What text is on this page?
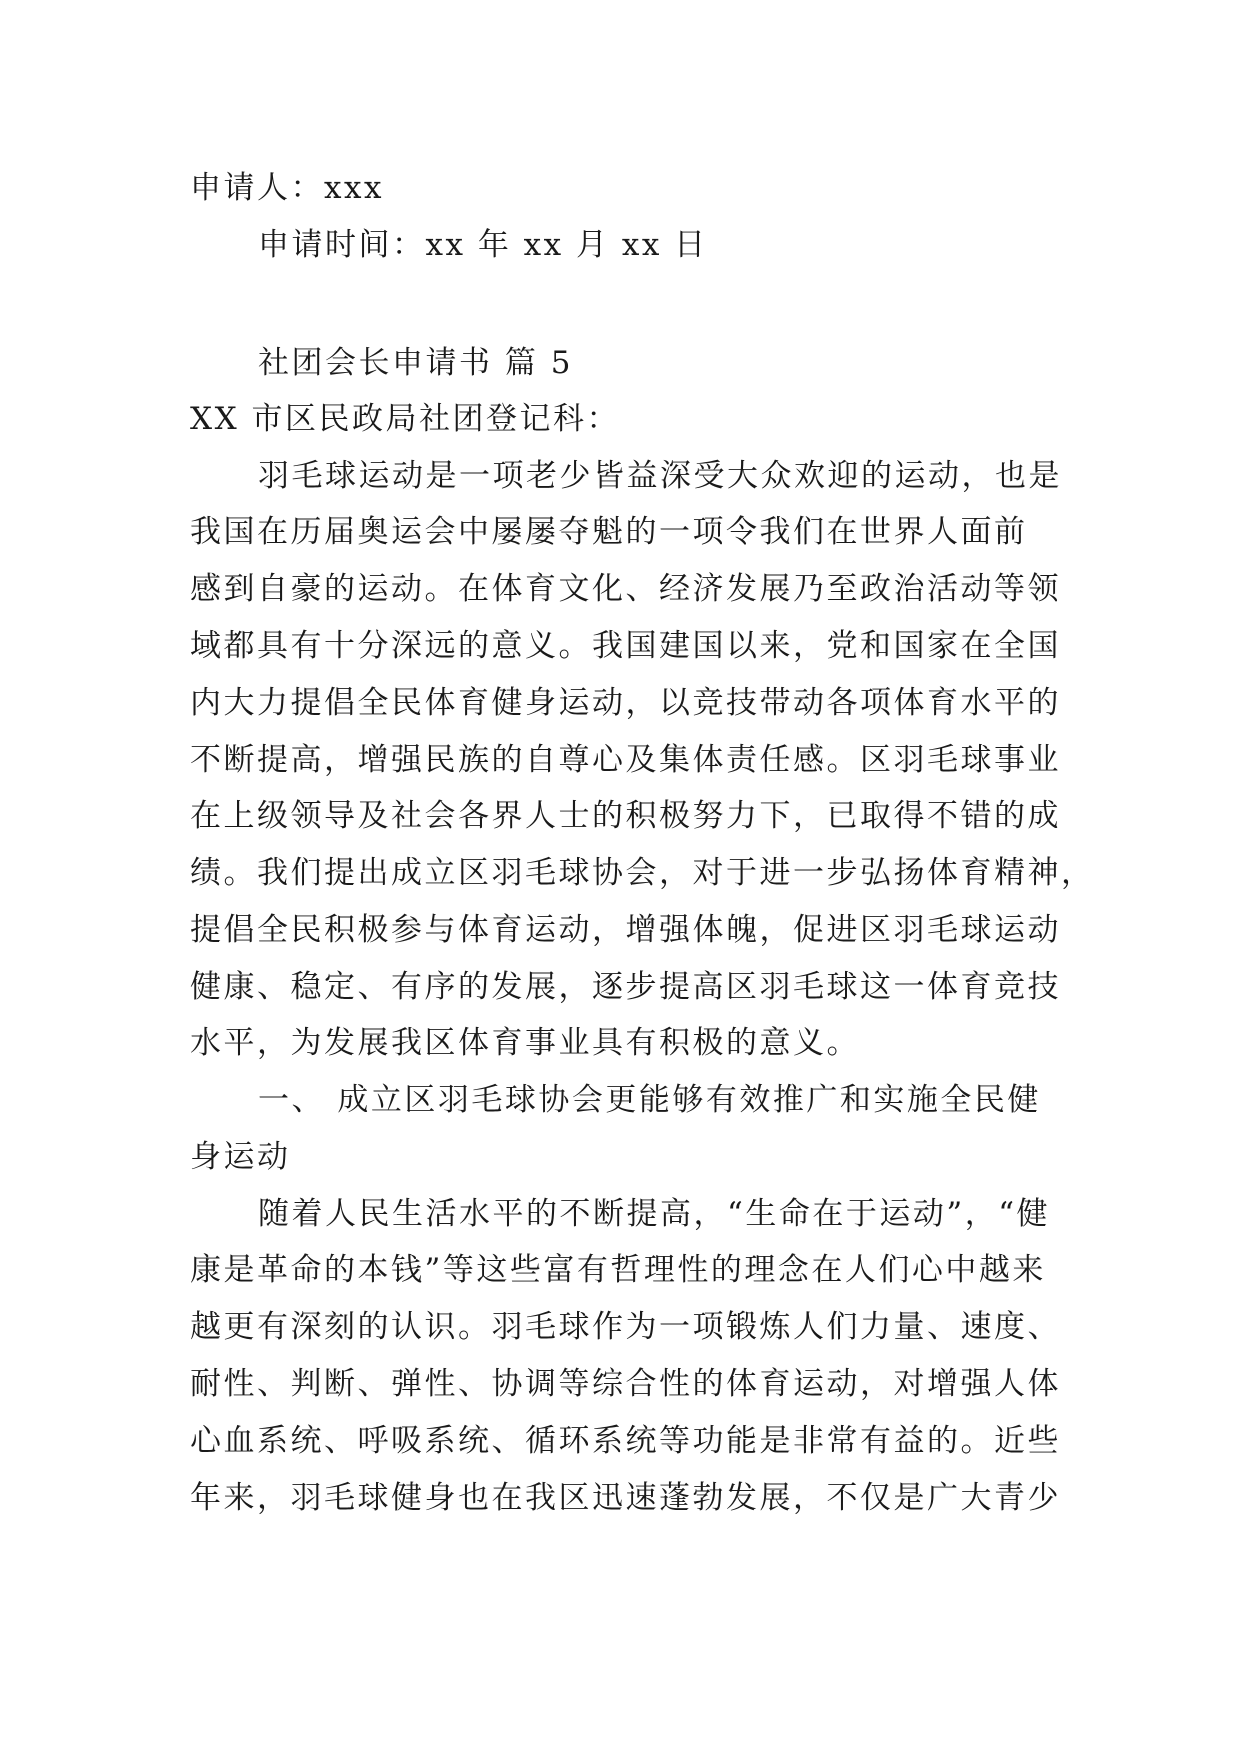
申请人：xxx
申请时间：xx 年 xx 月 xx 日
社团会长申请书 篇 5
XX 市区民政局社团登记科：
羽毛球运动是一项老少皆益深受大众欢迎的运动，也是
我国在历届奥运会中屡屡夺魁的一项令我们在世界人面前
感到自豪的运动。在体育文化、经济发展乃至政治活动等领
域都具有十分深远的意义。我国建国以来，党和国家在全国
内大力提倡全民体育健身运动，以竞技带动各项体育水平的
不断提高，增强民族的自尊心及集体责任感。区羽毛球事业
在上级领导及社会各界人士的积极努力下，已取得不错的成
绩。我们提出成立区羽毛球协会，对于进一步弘扬体育精神，
提倡全民积极参与体育运动，增强体魄，促进区羽毛球运动
健康、稳定、有序的发展，逐步提高区羽毛球这一体育竞技
水平，为发展我区体育事业具有积极的意义。
一、 成立区羽毛球协会更能够有效推广和实施全民健
身运动
随着人民生活水平的不断提高，“生命在于运动”，“健
康是革命的本钱”等这些富有哲理性的理念在人们心中越来
越更有深刻的认识。羽毛球作为一项锻炼人们力量、速度、
耐性、判断、弹性、协调等综合性的体育运动，对增强人体
心血系统、呼吸系统、循环系统等功能是非常有益的。近些
年来，羽毛球健身也在我区迅速蓬勃发展，不仅是广大青少
